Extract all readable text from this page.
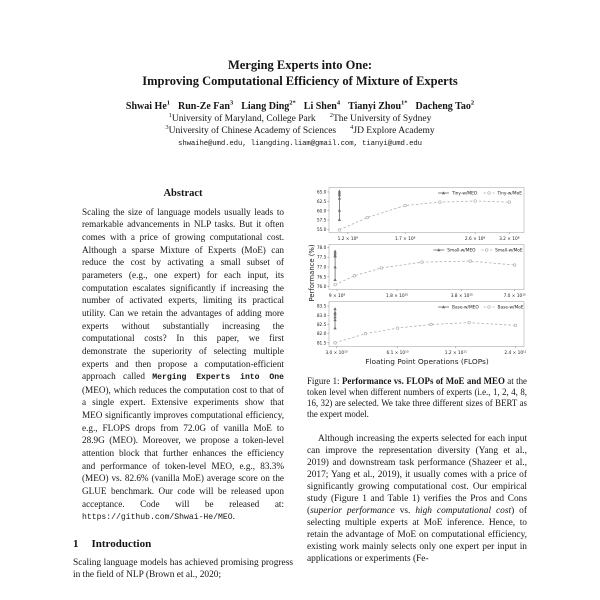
Merging Experts into One:
Improving Computational Efficiency of Mixture of Experts
Shwai He$^1$ Run-Ze Fan$^3$ Liang Ding$^{2*}$ Li Shen$^4$ Tianyi Zhou$^{1*}$ Dacheng Tao$^2$
$^1$University of Maryland, College Park $^2$The University of Sydney
$^3$University of Chinese Academy of Sciences $^4$JD Explore Academy
shwaihe@umd.edu, liangding.liam@gmail.com, tianyi@umd.edu
Abstract

Scaling the size of language models usually leads to remarkable advancements in NLP tasks. But it often comes with a price of growing computational cost. Although a sparse Mixture of Experts (MoE) can reduce the cost by activating a small subset of parameters (e.g., one expert) for each input, its computation escalates significantly if increasing the number of activated experts, limiting its practical utility. Can we retain the advantages of adding more experts without substantially increasing the computational costs? In this paper, we first demonstrate the superiority of selecting multiple experts and then propose a computation-efficient approach called Merging Experts into One (MEO), which reduces the computation cost to that of a single expert. Extensive experiments show that MEO significantly improves computational efficiency, e.g., FLOPS drops from 72.0G of vanilla MoE to 28.9G (MEO). Moreover, we propose a token-level attention block that further enhances the efficiency and performance of token-level MEO, e.g., 83.3% (MEO) vs. 82.6% (vanilla MoE) average score on the GLUE benchmark. Our code will be released upon acceptance. Code will be released at: https://github.com/Shwai-He/MEO.

1 Introduction

Scaling language models has achieved promising progress in the field of NLP (Brown et al., 2020;

Performance (%)
55.0
57.5
60.0
62.5
65.0
1.2 × 10⁸	1.7 × 10⁸	2.6 × 10⁸	3.2 × 10⁸
Tiny-w/MoE
Tiny-w/MEO
76.0
76.5
77.0
77.5
78.0
9 × 10⁹	1.8 × 10¹⁰	3.8 × 10¹⁰	7.0 × 10¹⁰
Small-w/MoE
Small-w/MEO
81.5
82.0
82.5
83.0
83.5
3.0 × 10¹⁰	6.1 × 10¹⁰	1.2 × 10¹¹	2.4 × 10¹¹
Base-w/MoE
Base-w/MEO
Floating Point Operations (FLOPs)
Figure 1: Performance vs. FLOPs of MoE and MEO at the token level when different numbers of experts (i.e., 1, 2, 4, 8, 16, 32) are selected. We take three different sizes of BERT as the expert model.

Although increasing the experts selected for each input can improve the representation diversity (Yang et al., 2019) and downstream task performance (Shazeer et al., 2017; Yang et al., 2019), it usually comes with a price of significantly growing computational cost. Our empirical study (Figure 1 and Table 1) verifies the Pros and Cons (superior performance vs. high computational cost) of selecting multiple experts at MoE inference. Hence, to retain the advantage of MoE on computational efficiency, existing work mainly selects only one expert per input in applications or experiments (Fe-
